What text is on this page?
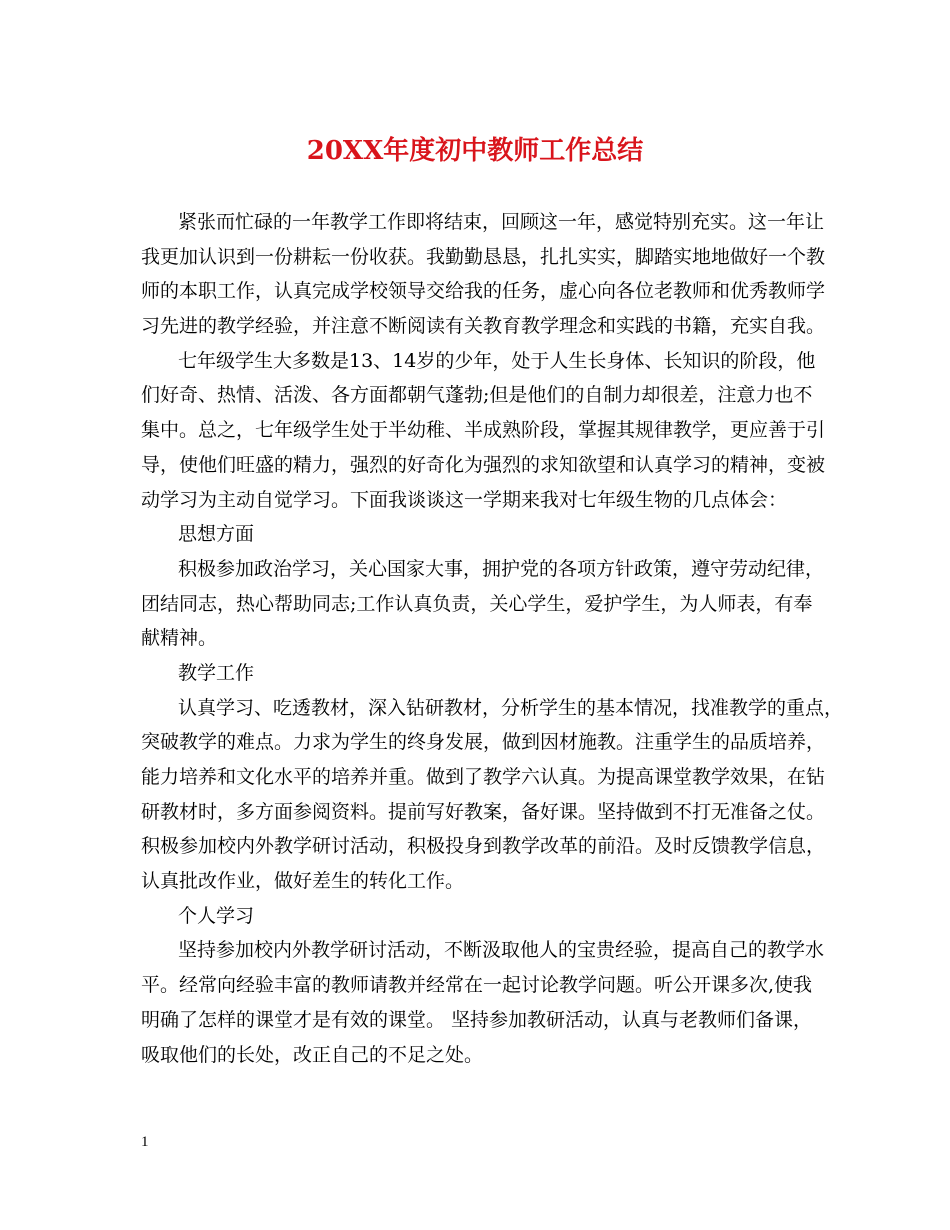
20XX年度初中教师工作总结
紧张而忙碌的一年教学工作即将结束，回顾这一年，感觉特别充实。这一年让
我更加认识到一份耕耘一份收获。我勤勤恳恳，扎扎实实，脚踏实地地做好一个教
师的本职工作，认真完成学校领导交给我的任务，虚心向各位老教师和优秀教师学
习先进的教学经验，并注意不断阅读有关教育教学理念和实践的书籍，充实自我。
七年级学生大多数是13、14岁的少年，处于人生长身体、长知识的阶段，他
们好奇、热情、活泼、各方面都朝气蓬勃;但是他们的自制力却很差，注意力也不
集中。总之，七年级学生处于半幼稚、半成熟阶段，掌握其规律教学，更应善于引
导，使他们旺盛的精力，强烈的好奇化为强烈的求知欲望和认真学习的精神，变被
动学习为主动自觉学习。下面我谈谈这一学期来我对七年级生物的几点体会：
思想方面
积极参加政治学习，关心国家大事，拥护党的各项方针政策，遵守劳动纪律，
团结同志，热心帮助同志;工作认真负责，关心学生，爱护学生，为人师表，有奉
献精神。
教学工作
认真学习、吃透教材，深入钻研教材，分析学生的基本情况，找准教学的重点，
突破教学的难点。力求为学生的终身发展，做到因材施教。注重学生的品质培养，
能力培养和文化水平的培养并重。做到了教学六认真。为提高课堂教学效果，在钻
研教材时，多方面参阅资料。提前写好教案，备好课。坚持做到不打无准备之仗。
积极参加校内外教学研讨活动，积极投身到教学改革的前沿。及时反馈教学信息，
认真批改作业，做好差生的转化工作。
个人学习
坚持参加校内外教学研讨活动，不断汲取他人的宝贵经验，提高自己的教学水
平。经常向经验丰富的教师请教并经常在一起讨论教学问题。听公开课多次,使我
明确了怎样的课堂才是有效的课堂。 坚持参加教研活动，认真与老教师们备课，
吸取他们的长处，改正自己的不足之处。
1
